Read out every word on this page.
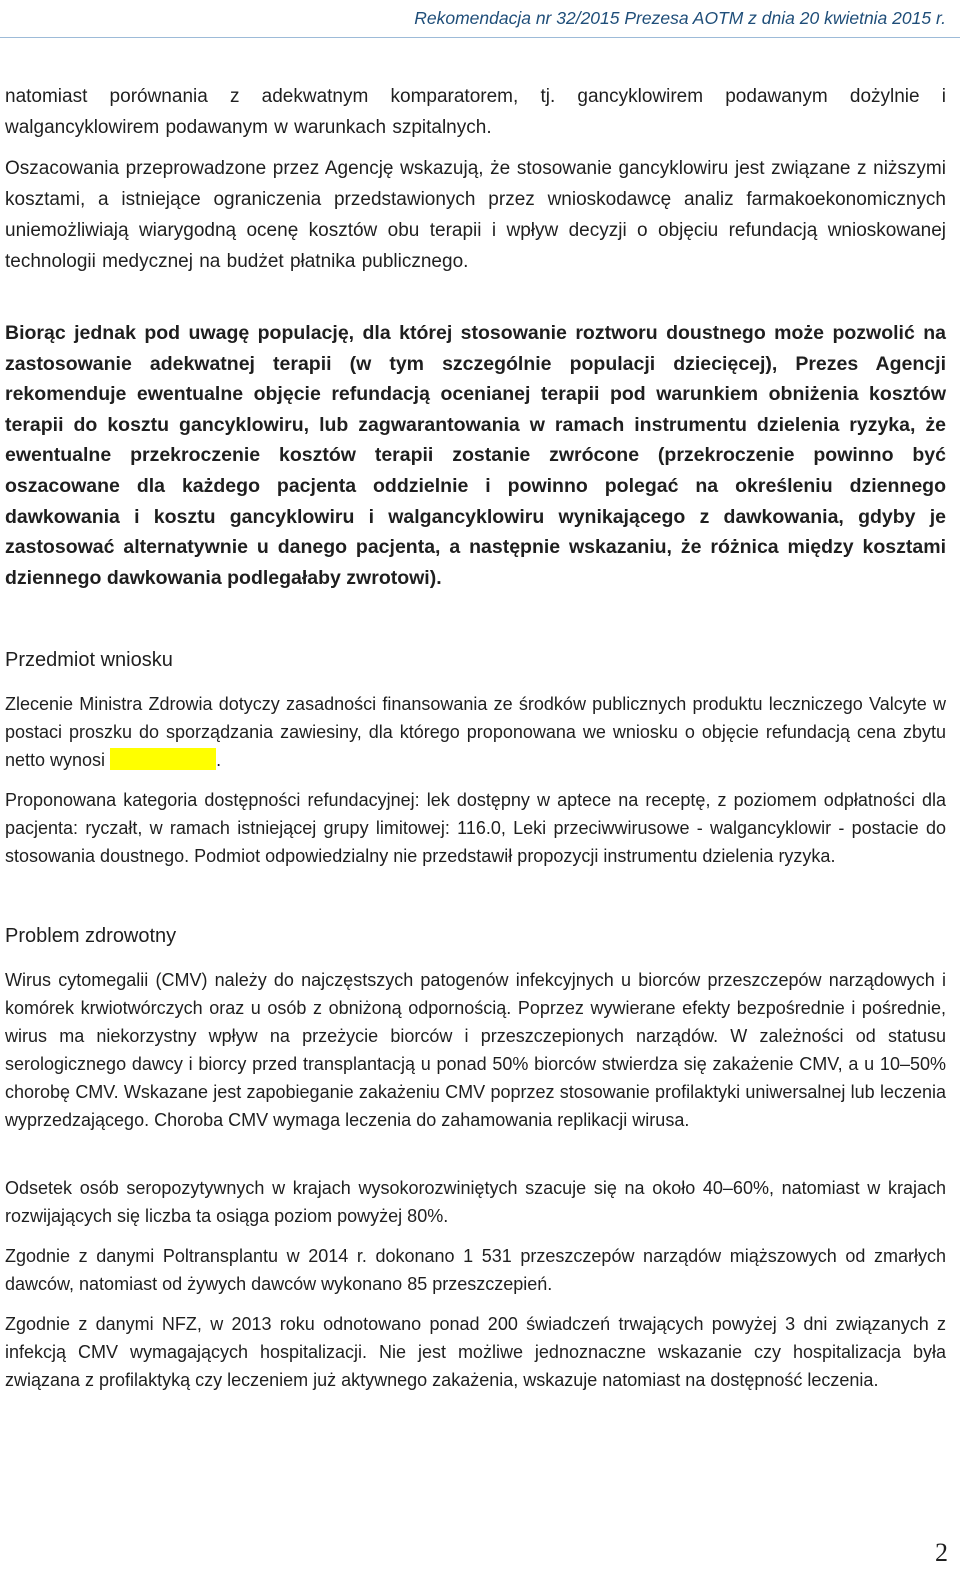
Rekomendacja nr 32/2015 Prezesa AOTM z dnia 20 kwietnia 2015 r.

natomiast porównania z adekwatnym komparatorem, tj. gancyklowirem podawanym dożylnie i walgancyklowirem podawanym w warunkach szpitalnych.

Oszacowania przeprowadzone przez Agencję wskazują, że stosowanie gancyklowiru jest związane z niższymi kosztami, a istniejące ograniczenia przedstawionych przez wnioskodawcę analiz farmakoekonomicznych uniemożliwiają wiarygodną ocenę kosztów obu terapii i wpływ decyzji o objęciu refundacją wnioskowanej technologii medycznej na budżet płatnika publicznego.

Biorąc jednak pod uwagę populację, dla której stosowanie roztworu doustnego może pozwolić na zastosowanie adekwatnej terapii (w tym szczególnie populacji dziecięcej), Prezes Agencji rekomenduje ewentualne objęcie refundacją ocenianej terapii pod warunkiem obniżenia kosztów terapii do kosztu gancyklowiru, lub zagwarantowania w ramach instrumentu dzielenia ryzyka, że ewentualne przekroczenie kosztów terapii zostanie zwrócone (przekroczenie powinno być oszacowane dla każdego pacjenta oddzielnie i powinno polegać na określeniu dziennego dawkowania i kosztu gancyklowiru i walgancyklowiru wynikającego z dawkowania, gdyby je zastosować alternatywnie u danego pacjenta, a następnie wskazaniu, że różnica między kosztami dziennego dawkowania podlegałaby zwrotowi).

Przedmiot wniosku

Zlecenie Ministra Zdrowia dotyczy zasadności finansowania ze środków publicznych produktu leczniczego Valcyte w postaci proszku do sporządzania zawiesiny, dla którego proponowana we wniosku o objęcie refundacją cena zbytu netto wynosi	.

Proponowana kategoria dostępności refundacyjnej: lek dostępny w aptece na receptę, z poziomem odpłatności dla pacjenta: ryczałt, w ramach istniejącej grupy limitowej: 116.0, Leki przeciwwirusowe - walgancyklowir - postacie do stosowania doustnego. Podmiot odpowiedzialny nie przedstawił propozycji instrumentu dzielenia ryzyka.

Problem zdrowotny

Wirus cytomegalii (CMV) należy do najczęstszych patogenów infekcyjnych u biorców przeszczepów narządowych i komórek krwiotwórczych oraz u osób z obniżoną odpornością. Poprzez wywierane efekty bezpośrednie i pośrednie, wirus ma niekorzystny wpływ na przeżycie biorców i przeszczepionych narządów. W zależności od statusu serologicznego dawcy i biorcy przed transplantacją u ponad 50% biorców stwierdza się zakażenie CMV, a u 10–50% chorobę CMV. Wskazane jest zapobieganie zakażeniu CMV poprzez stosowanie profilaktyki uniwersalnej lub leczenia wyprzedzającego. Choroba CMV wymaga leczenia do zahamowania replikacji wirusa.

Odsetek osób seropozytywnych w krajach wysokorozwiniętych szacuje się na około 40–60%, natomiast w krajach rozwijających się liczba ta osiąga poziom powyżej 80%.

Zgodnie z danymi Poltransplantu w 2014 r. dokonano 1 531 przeszczepów narządów miąższowych od zmarłych dawców, natomiast od żywych dawców wykonano 85 przeszczepień.

Zgodnie z danymi NFZ, w 2013 roku odnotowano ponad 200 świadczeń trwających powyżej 3 dni związanych z infekcją CMV wymagających hospitalizacji. Nie jest możliwe jednoznaczne wskazanie czy hospitalizacja była związana z profilaktyką czy leczeniem już aktywnego zakażenia, wskazuje natomiast na dostępność leczenia.

2
